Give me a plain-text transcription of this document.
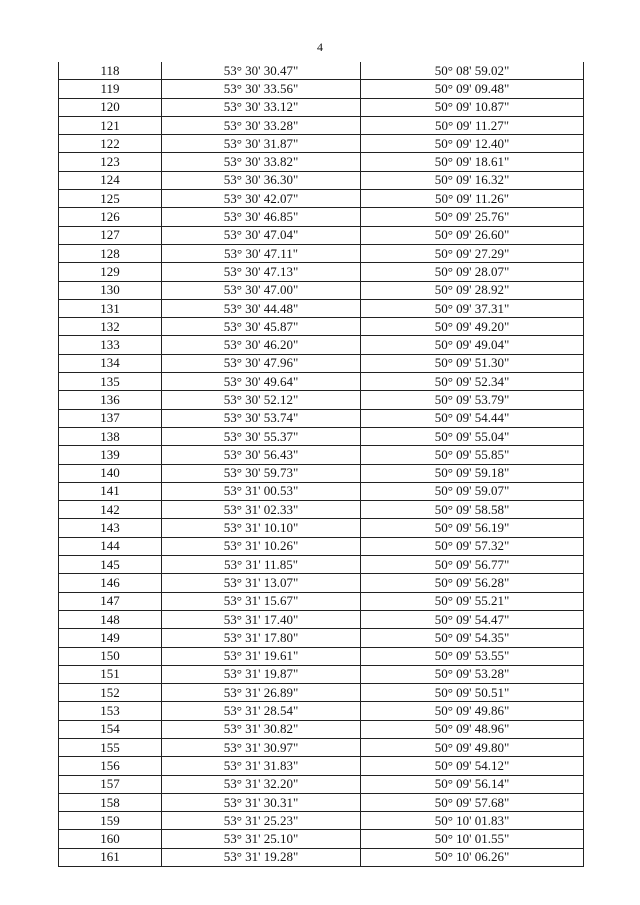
4
118	53° 30' 30.47"	50° 08' 59.02"
119	53° 30' 33.56"	50° 09' 09.48"
120	53° 30' 33.12"	50° 09' 10.87"
121	53° 30' 33.28"	50° 09' 11.27"
122	53° 30' 31.87"	50° 09' 12.40"
123	53° 30' 33.82"	50° 09' 18.61"
124	53° 30' 36.30"	50° 09' 16.32"
125	53° 30' 42.07"	50° 09' 11.26"
126	53° 30' 46.85"	50° 09' 25.76"
127	53° 30' 47.04"	50° 09' 26.60"
128	53° 30' 47.11"	50° 09' 27.29"
129	53° 30' 47.13"	50° 09' 28.07"
130	53° 30' 47.00"	50° 09' 28.92"
131	53° 30' 44.48"	50° 09' 37.31"
132	53° 30' 45.87"	50° 09' 49.20"
133	53° 30' 46.20"	50° 09' 49.04"
134	53° 30' 47.96"	50° 09' 51.30"
135	53° 30' 49.64"	50° 09' 52.34"
136	53° 30' 52.12"	50° 09' 53.79"
137	53° 30' 53.74"	50° 09' 54.44"
138	53° 30' 55.37"	50° 09' 55.04"
139	53° 30' 56.43"	50° 09' 55.85"
140	53° 30' 59.73"	50° 09' 59.18"
141	53° 31' 00.53"	50° 09' 59.07"
142	53° 31' 02.33"	50° 09' 58.58"
143	53° 31' 10.10"	50° 09' 56.19"
144	53° 31' 10.26"	50° 09' 57.32"
145	53° 31' 11.85"	50° 09' 56.77"
146	53° 31' 13.07"	50° 09' 56.28"
147	53° 31' 15.67"	50° 09' 55.21"
148	53° 31' 17.40"	50° 09' 54.47"
149	53° 31' 17.80"	50° 09' 54.35"
150	53° 31' 19.61"	50° 09' 53.55"
151	53° 31' 19.87"	50° 09' 53.28"
152	53° 31' 26.89"	50° 09' 50.51"
153	53° 31' 28.54"	50° 09' 49.86"
154	53° 31' 30.82"	50° 09' 48.96"
155	53° 31' 30.97"	50° 09' 49.80"
156	53° 31' 31.83"	50° 09' 54.12"
157	53° 31' 32.20"	50° 09' 56.14"
158	53° 31' 30.31"	50° 09' 57.68"
159	53° 31' 25.23"	50° 10' 01.83"
160	53° 31' 25.10"	50° 10' 01.55"
161	53° 31' 19.28"	50° 10' 06.26"
